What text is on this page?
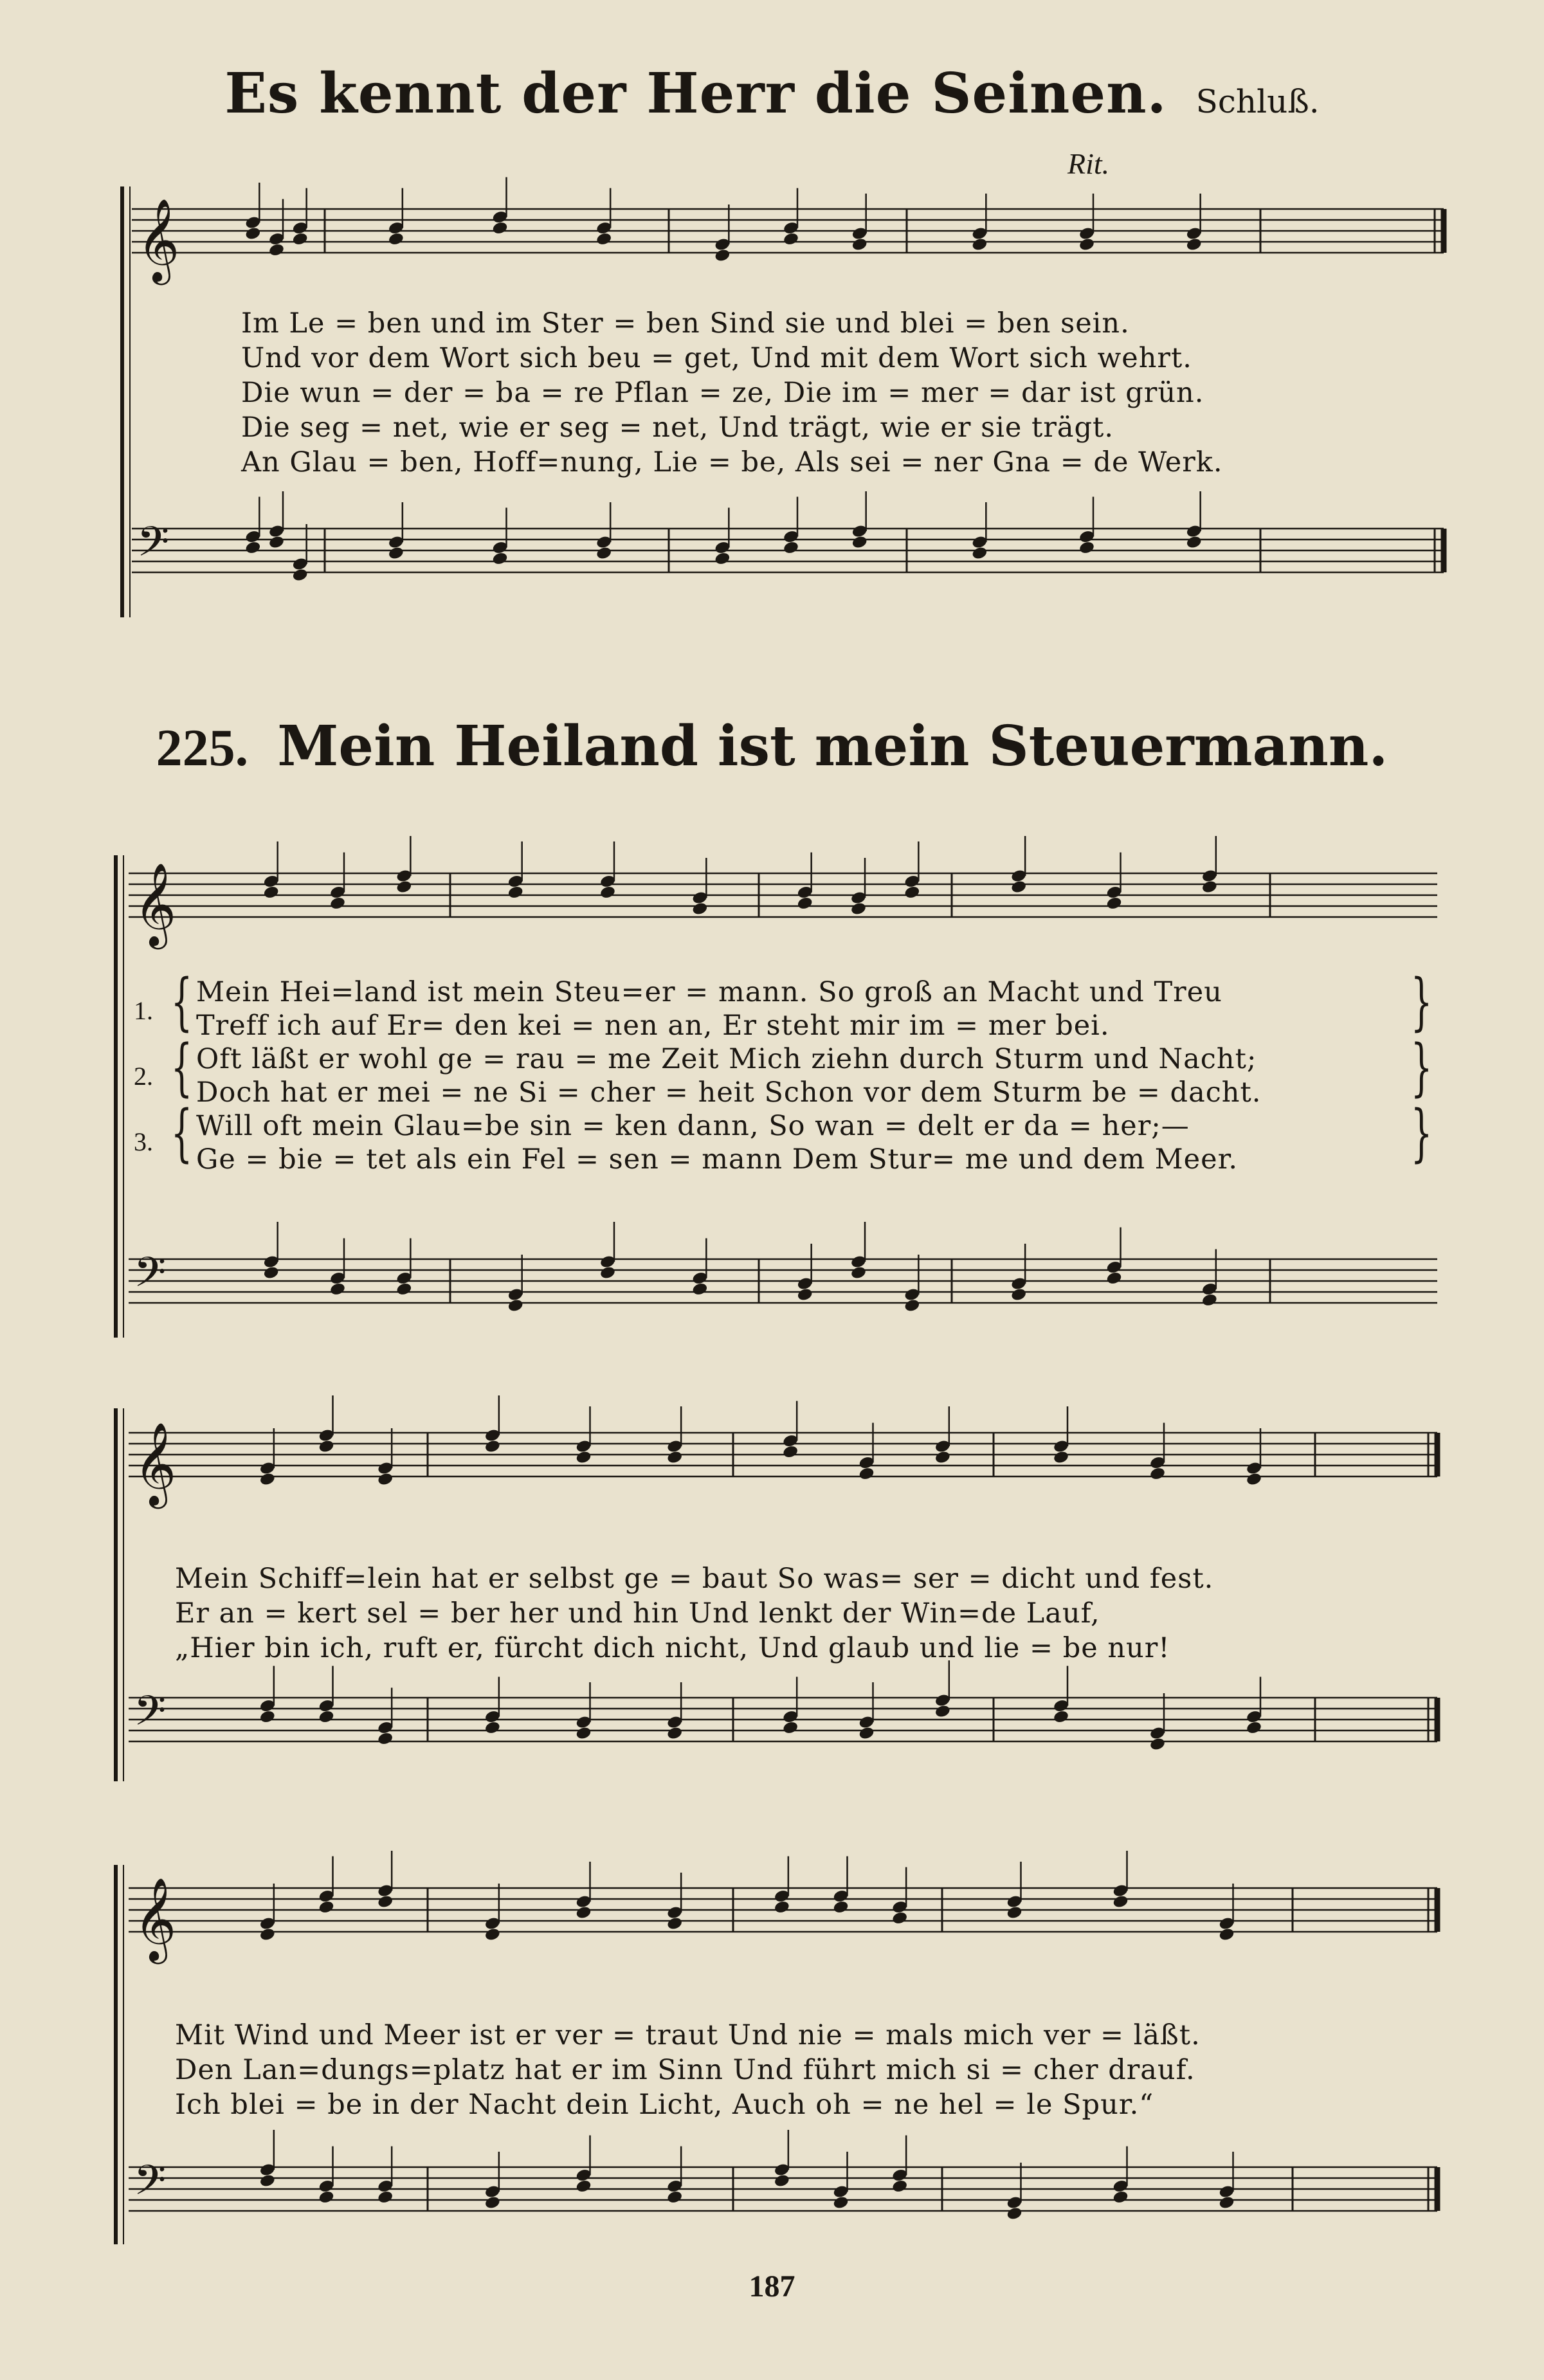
Es kennt der Herr die Seinen. Schluß.
Rit.
𝄞
𝄢
𝄞
𝄢
𝄞
𝄢
𝄞
𝄢
Im Le = ben und im Ster = ben Sind sie und blei = ben sein.
Und vor dem Wort sich beu = get, Und mit dem Wort sich wehrt.
Die wun = der = ba = re Pflan = ze, Die im = mer = dar ist grün.
Die seg = net, wie er seg = net, Und trägt, wie er sie trägt.
An Glau = ben, Hoff=nung, Lie = be, Als sei = ner Gna = de Werk.
225. Mein Heiland ist mein Steuermann.
1.
2.
3.
{
{
{
}
}
}
Mein Hei=land ist mein Steu=er = mann. So groß an Macht und Treu
Treff ich auf Er= den kei = nen an, Er steht mir im = mer bei.
Oft läßt er wohl ge = rau = me Zeit Mich ziehn durch Sturm und Nacht;
Doch hat er mei = ne Si = cher = heit Schon vor dem Sturm be = dacht.
Will oft mein Glau=be sin = ken dann, So wan = delt er da = her;—
Ge = bie = tet als ein Fel = sen = mann Dem Stur= me und dem Meer.
Mein Schiff=lein hat er selbst ge = baut So was= ser = dicht und fest.
Er an = kert sel = ber her und hin Und lenkt der Win=de Lauf,
„Hier bin ich, ruft er, fürcht dich nicht, Und glaub und lie = be nur!
Mit Wind und Meer ist er ver = traut Und nie = mals mich ver = läßt.
Den Lan=dungs=platz hat er im Sinn Und führt mich si = cher drauf.
Ich blei = be in der Nacht dein Licht, Auch oh = ne hel = le Spur.“
187
